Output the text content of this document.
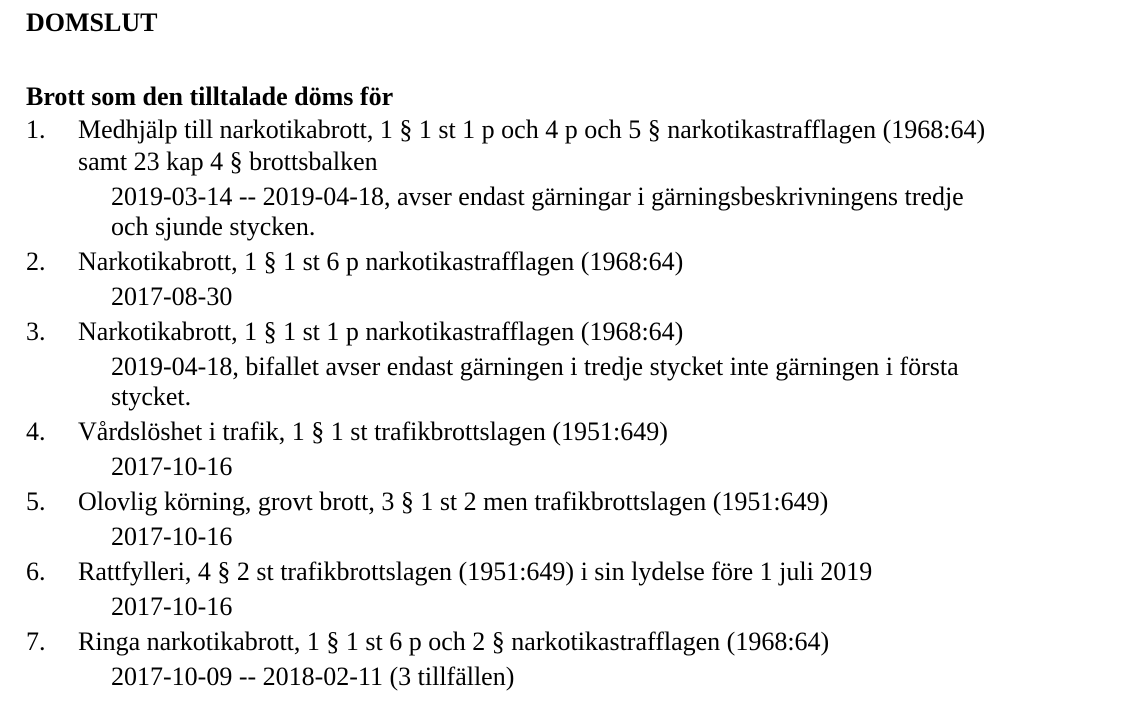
DOMSLUT
Brott som den tilltalade döms för
1.	Medhjälp till narkotikabrott, 1 § 1 st 1 p och 4 p och 5 § narkotikastrafflagen (1968:64)
samt 23 kap 4 § brottsbalken
2019-03-14 -- 2019-04-18, avser endast gärningar i gärningsbeskrivningens tredje
och sjunde stycken.
2.	Narkotikabrott, 1 § 1 st 6 p narkotikastrafflagen (1968:64)
2017-08-30
3.	Narkotikabrott, 1 § 1 st 1 p narkotikastrafflagen (1968:64)
2019-04-18, bifallet avser endast gärningen i tredje stycket inte gärningen i första
stycket.
4.	Vårdslöshet i trafik, 1 § 1 st trafikbrottslagen (1951:649)
2017-10-16
5.	Olovlig körning, grovt brott, 3 § 1 st 2 men trafikbrottslagen (1951:649)
2017-10-16
6.	Rattfylleri, 4 § 2 st trafikbrottslagen (1951:649) i sin lydelse före 1 juli 2019
2017-10-16
7.	Ringa narkotikabrott, 1 § 1 st 6 p och 2 § narkotikastrafflagen (1968:64)
2017-10-09 -- 2018-02-11 (3 tillfällen)
